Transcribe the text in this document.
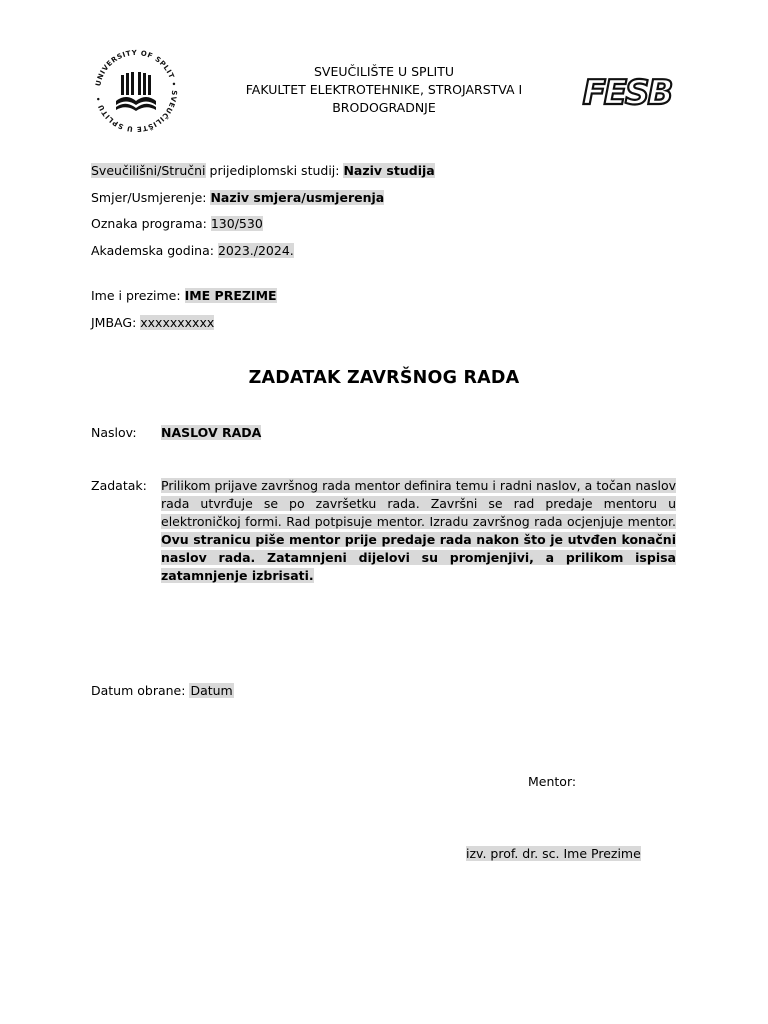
UNIVERSITY OF SPLIT • SVEUČILIŠTE U SPLITU •
SVEUČILIŠTE U SPLITU
FAKULTET ELEKTROTEHNIKE, STROJARSTVA I
BRODOGRADNJE	FESB
Sveučilišni/Stručni prijediplomski studij: Naziv studija
Smjer/Usmjerenje: Naziv smjera/usmjerenja
Oznaka programa: 130/530
Akademska godina: 2023./2024.
Ime i prezime: IME PREZIME
JMBAG: xxxxxxxxxx
ZADATAK ZAVRŠNOG RADA
Naslov: NASLOV RADA
Zadatak: Prilikom prijave završnog rada mentor definira temu i radni naslov, a točan naslov rada utvrđuje se po završetku rada. Završni se rad predaje mentoru u elektroničkoj formi. Rad potpisuje mentor. Izradu završnog rada ocjenjuje mentor. Ovu stranicu piše mentor prije predaje rada nakon što je utvđen konačni naslov rada. Zatamnjeni dijelovi su promjenjivi, a prilikom ispisa zatamnjenje izbrisati.
Datum obrane: Datum
Mentor:
izv. prof. dr. sc. Ime Prezime
